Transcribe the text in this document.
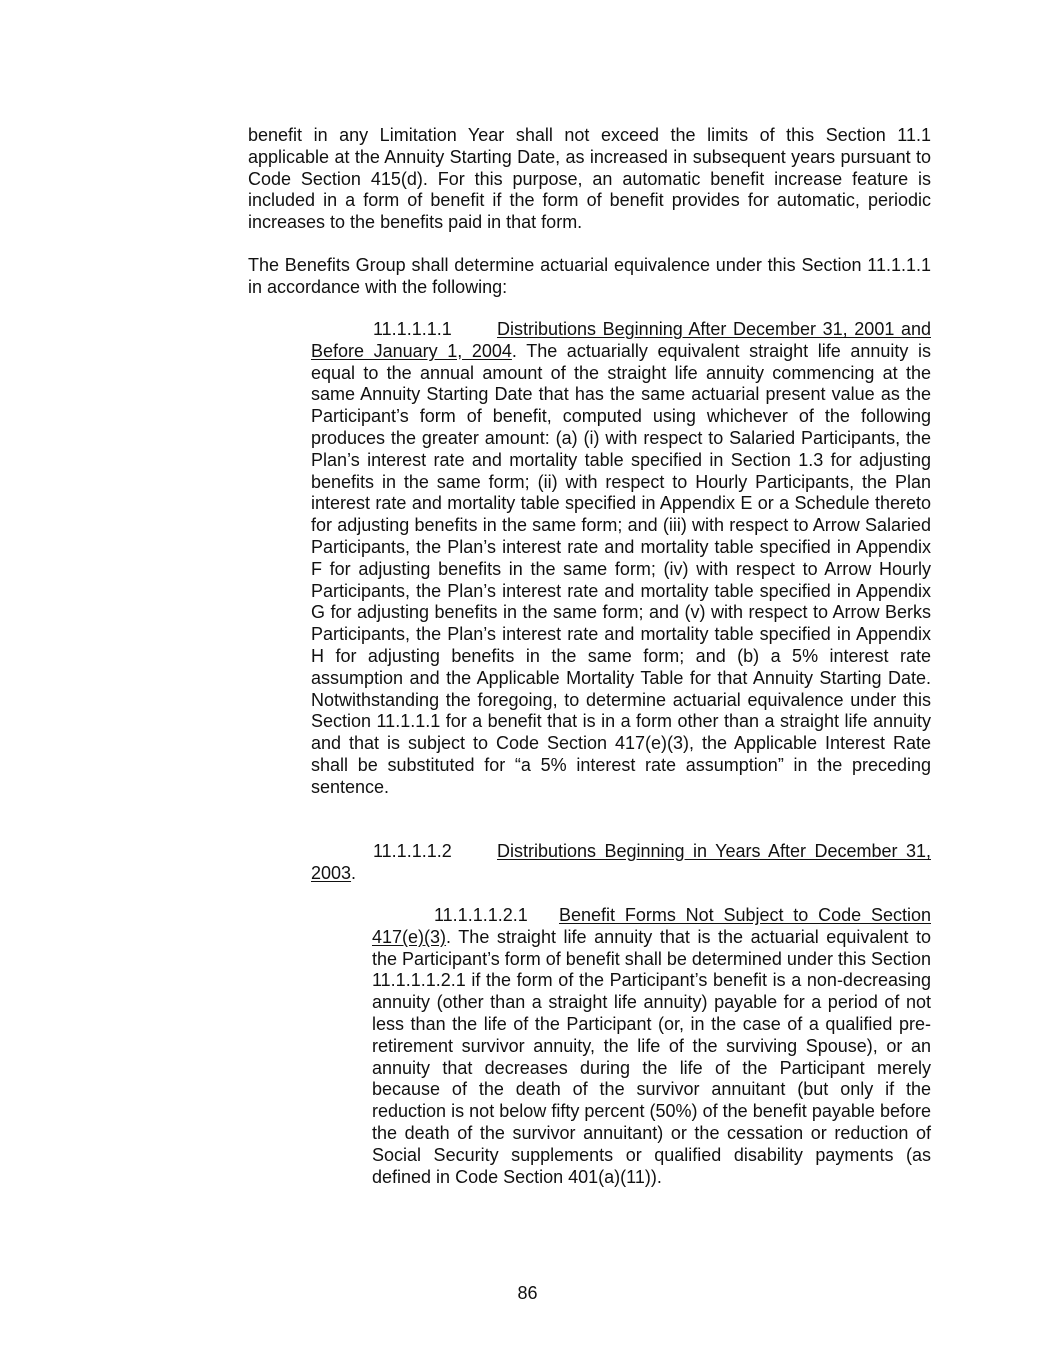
benefit in any Limitation Year shall not exceed the limits of this Section 11.1 applicable at the Annuity Starting Date, as increased in subsequent years pursuant to Code Section 415(d). For this purpose, an automatic benefit increase feature is included in a form of benefit if the form of benefit provides for automatic, periodic increases to the benefits paid in that form.

The Benefits Group shall determine actuarial equivalence under this Section 11.1.1.1 in accordance with the following:

11.1.1.1.1	Distributions Beginning After December 31, 2001 and Before January 1, 2004. The actuarially equivalent straight life annuity is equal to the annual amount of the straight life annuity commencing at the same Annuity Starting Date that has the same actuarial present value as the Participant’s form of benefit, computed using whichever of the following produces the greater amount: (a) (i) with respect to Salaried Participants, the Plan’s interest rate and mortality table specified in Section 1.3 for adjusting benefits in the same form; (ii) with respect to Hourly Participants, the Plan interest rate and mortality table specified in Appendix E or a Schedule thereto for adjusting benefits in the same form; and (iii) with respect to Arrow Salaried Participants, the Plan’s interest rate and mortality table specified in Appendix F for adjusting benefits in the same form; (iv) with respect to Arrow Hourly Participants, the Plan’s interest rate and mortality table specified in Appendix G for adjusting benefits in the same form; and (v) with respect to Arrow Berks Participants, the Plan’s interest rate and mortality table specified in Appendix H for adjusting benefits in the same form; and (b) a 5% interest rate assumption and the Applicable Mortality Table for that Annuity Starting Date. Notwithstanding the foregoing, to determine actuarial equivalence under this Section 11.1.1.1 for a benefit that is in a form other than a straight life annuity and that is subject to Code Section 417(e)(3), the Applicable Interest Rate shall be substituted for “a 5% interest rate assumption” in the preceding sentence.

11.1.1.1.2	Distributions Beginning in Years After December 31, 2003.

11.1.1.1.2.1 Benefit Forms Not Subject to Code Section 417(e)(3). The straight life annuity that is the actuarial equivalent to the Participant’s form of benefit shall be determined under this Section 11.1.1.1.2.1 if the form of the Participant’s benefit is a non-decreasing annuity (other than a straight life annuity) payable for a period of not less than the life of the Participant (or, in the case of a qualified pre-retirement survivor annuity, the life of the surviving Spouse), or an annuity that decreases during the life of the Participant merely because of the death of the survivor annuitant (but only if the reduction is not below fifty percent (50%) of the benefit payable before the death of the survivor annuitant) or the cessation or reduction of Social Security supplements or qualified disability payments (as defined in Code Section 401(a)(11)).

86
